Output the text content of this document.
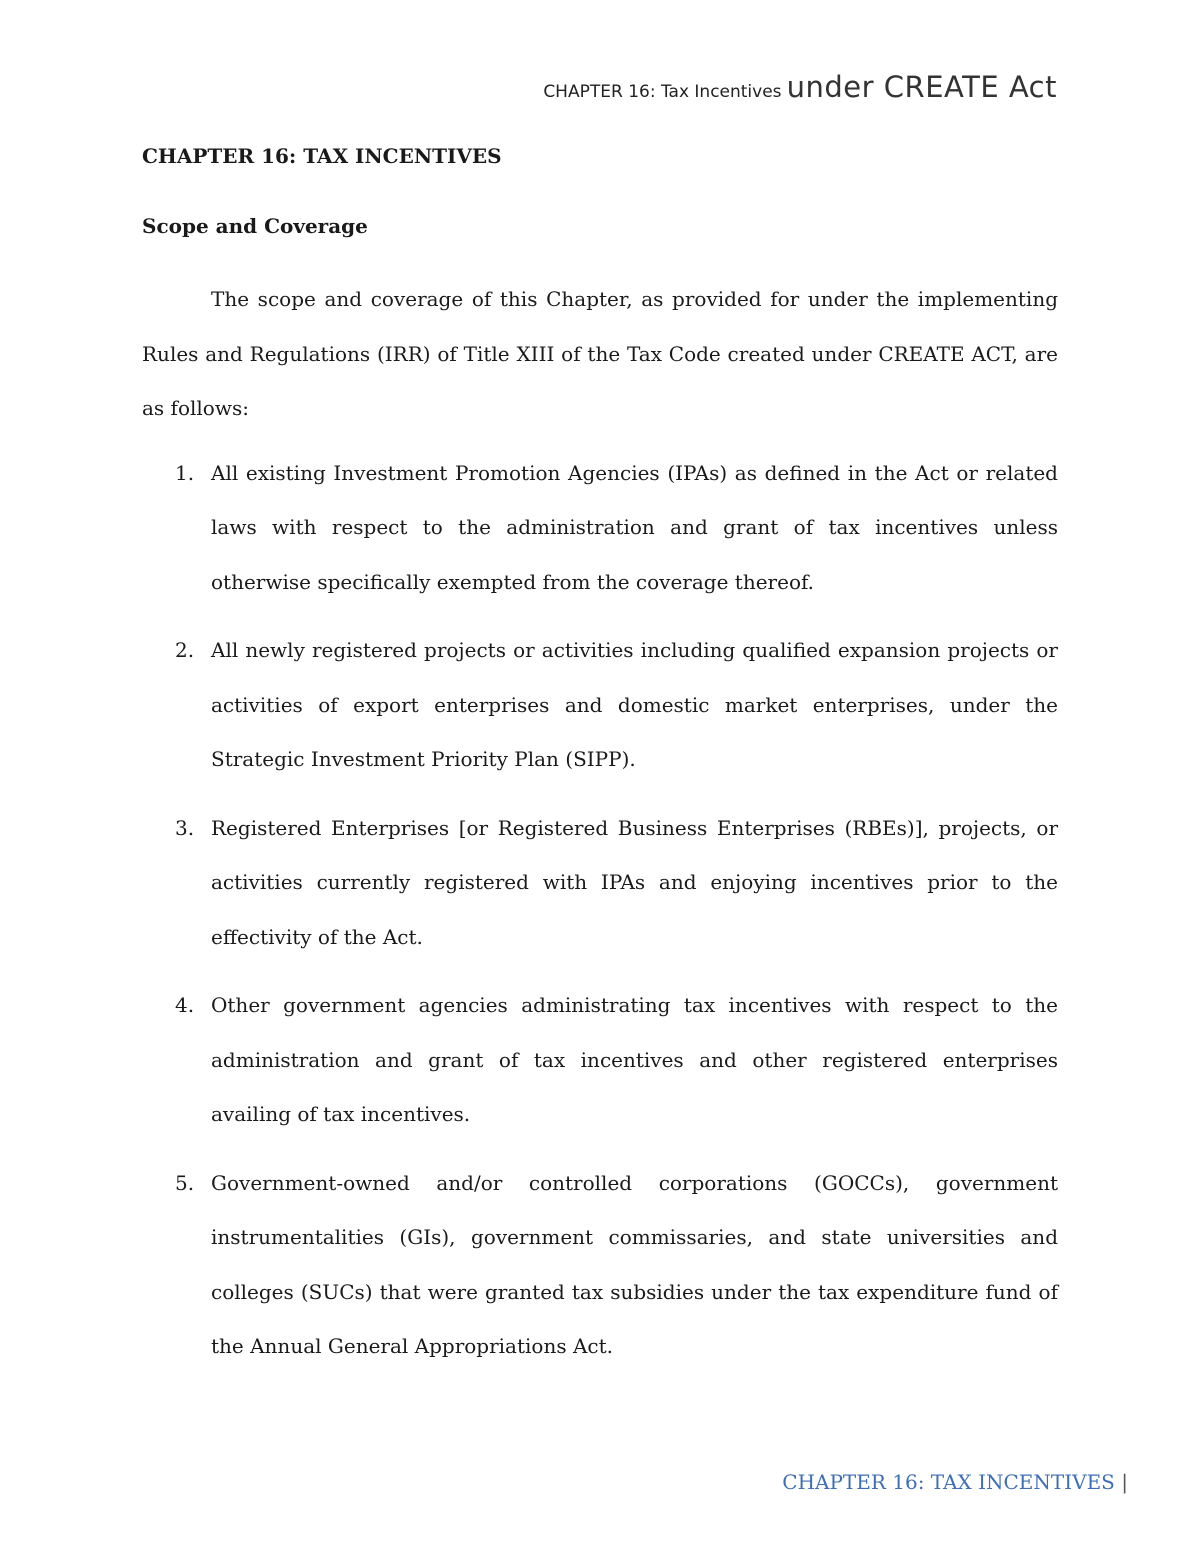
CHAPTER 16: Tax Incentives under CREATE Act
CHAPTER 16: TAX INCENTIVES
Scope and Coverage

The scope and coverage of this Chapter, as provided for under the implementing Rules and Regulations (IRR) of Title XIII of the Tax Code created under CREATE ACT, are as follows:

1. All existing Investment Promotion Agencies (IPAs) as defined in the Act or related laws with respect to the administration and grant of tax incentives unless otherwise specifically exempted from the coverage thereof.
2. All newly registered projects or activities including qualified expansion projects or activities of export enterprises and domestic market enterprises, under the Strategic Investment Priority Plan (SIPP).
3. Registered Enterprises [or Registered Business Enterprises (RBEs)], projects, or activities currently registered with IPAs and enjoying incentives prior to the effectivity of the Act.
4. Other government agencies administrating tax incentives with respect to the administration and grant of tax incentives and other registered enterprises availing of tax incentives.
5. Government-owned and/or controlled corporations (GOCCs), government instrumentalities (GIs), government commissaries, and state universities and colleges (SUCs) that were granted tax subsidies under the tax expenditure fund of the Annual General Appropriations Act.
CHAPTER 16: TAX INCENTIVES |
